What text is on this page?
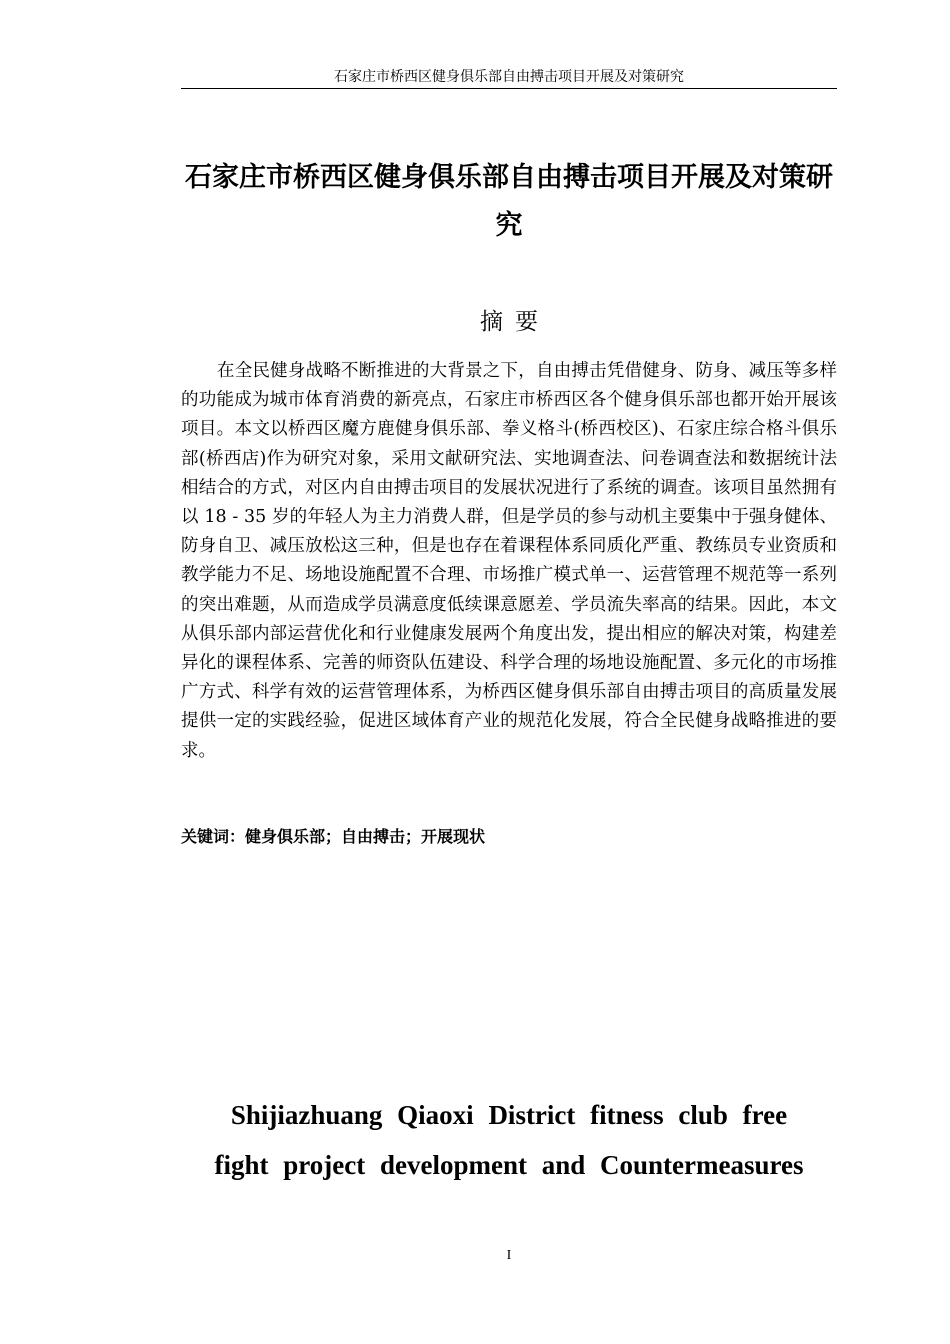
石家庄市桥西区健身俱乐部自由搏击项目开展及对策研究
石家庄市桥西区健身俱乐部自由搏击项目开展及对策研究
摘要

在全民健身战略不断推进的大背景之下，自由搏击凭借健身、防身、减压等多样的功能成为城市体育消费的新亮点，石家庄市桥西区各个健身俱乐部也都开始开展该项目。本文以桥西区魔方鹿健身俱乐部、拳义格斗(桥西校区)、石家庄综合格斗俱乐部(桥西店)作为研究对象，采用文献研究法、实地调查法、问卷调查法和数据统计法相结合的方式，对区内自由搏击项目的发展状况进行了系统的调查。该项目虽然拥有以 18 - 35 岁的年轻人为主力消费人群，但是学员的参与动机主要集中于强身健体、防身自卫、减压放松这三种，但是也存在着课程体系同质化严重、教练员专业资质和教学能力不足、场地设施配置不合理、市场推广模式单一、运营管理不规范等一系列的突出难题，从而造成学员满意度低续课意愿差、学员流失率高的结果。因此，本文从俱乐部内部运营优化和行业健康发展两个角度出发，提出相应的解决对策，构建差异化的课程体系、完善的师资队伍建设、科学合理的场地设施配置、多元化的市场推广方式、科学有效的运营管理体系，为桥西区健身俱乐部自由搏击项目的高质量发展提供一定的实践经验，促进区域体育产业的规范化发展，符合全民健身战略推进的要求。

关键词：健身俱乐部；自由搏击；开展现状
Shijiazhuang Qiaoxi District fitness club free
fight project development and Countermeasures
I
